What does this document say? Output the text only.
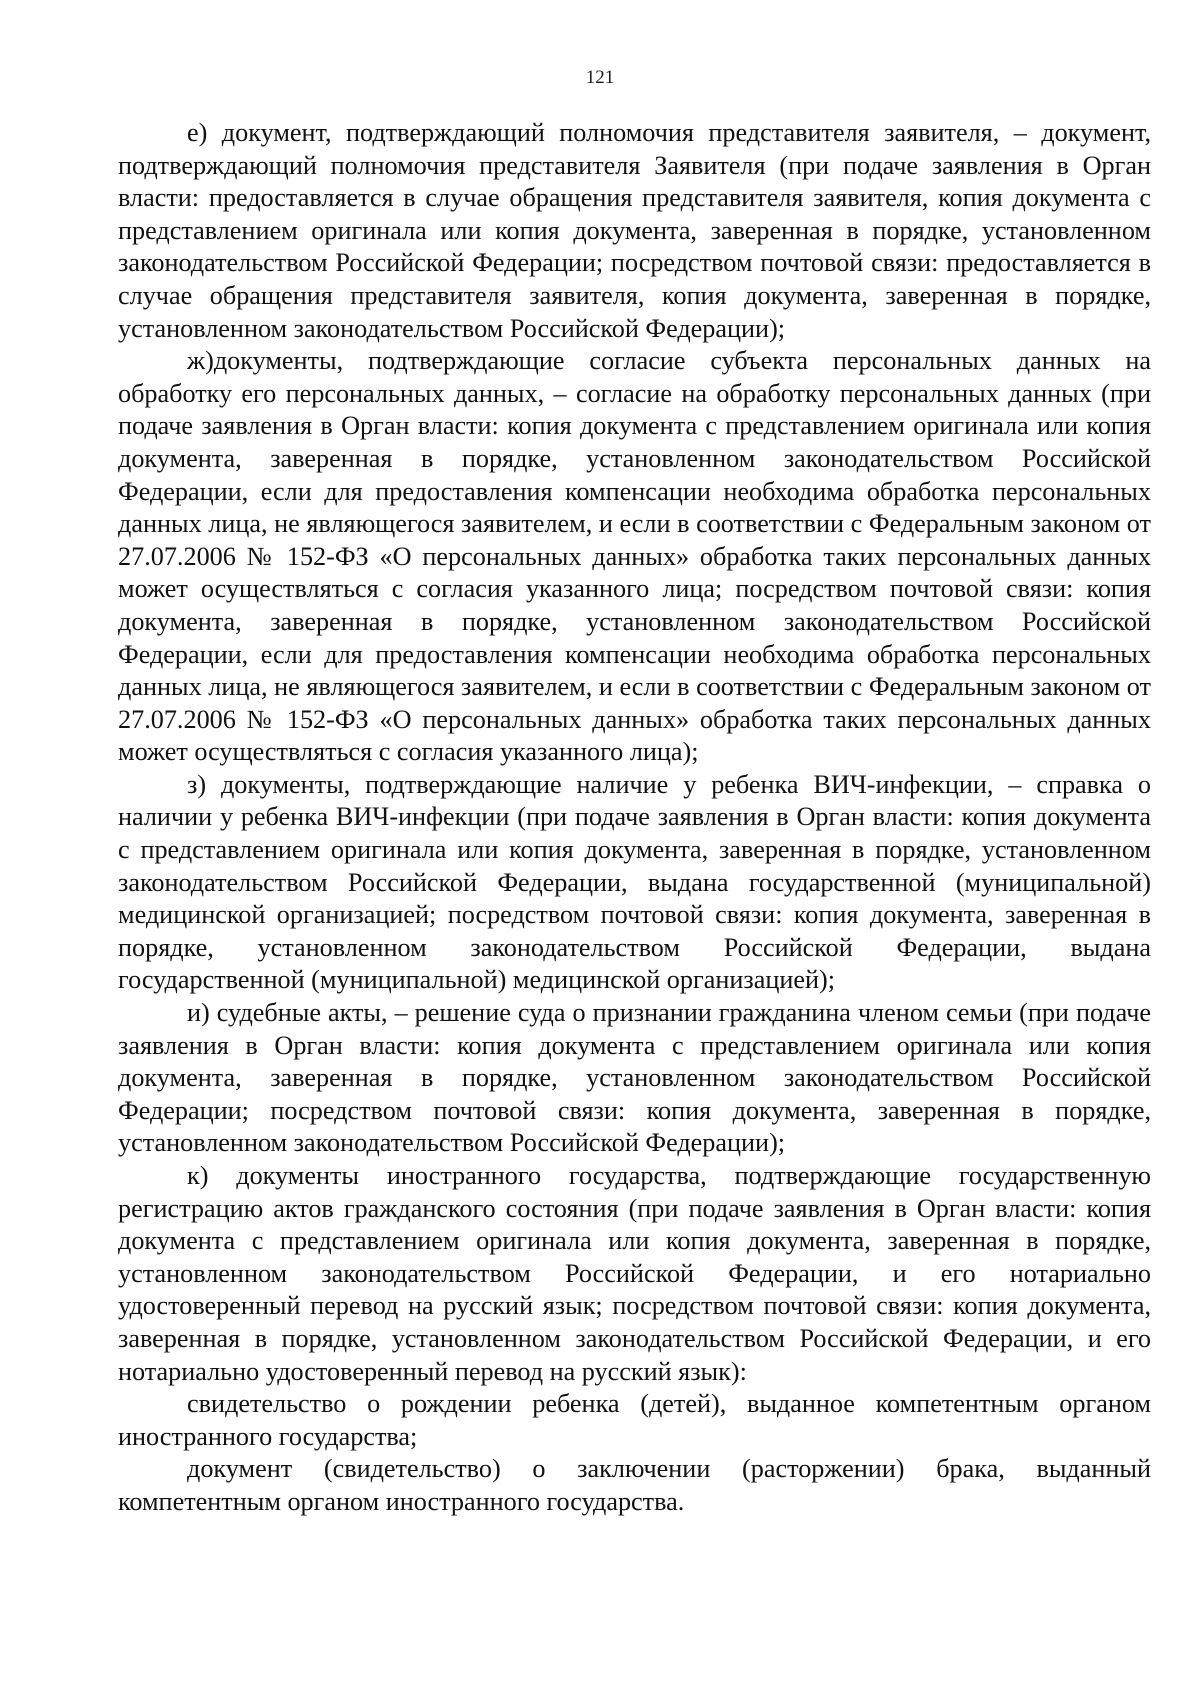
121

е) документ, подтверждающий полномочия представителя заявителя, – документ, подтверждающий полномочия представителя Заявителя (при подаче заявления в Орган власти: предоставляется в случае обращения представителя заявителя, копия документа с представлением оригинала или копия документа, заверенная в порядке, установленном законодательством Российской Федерации; посредством почтовой связи: предоставляется в случае обращения представителя заявителя, копия документа, заверенная в порядке, установленном законодательством Российской Федерации);

ж)документы, подтверждающие согласие субъекта персональных данных на обработку его персональных данных, – согласие на обработку персональных данных (при подаче заявления в Орган власти: копия документа с представлением оригинала или копия документа, заверенная в порядке, установленном законодательством Российской Федерации, если для предоставления компенсации необходима обработка персональных данных лица, не являющегося заявителем, и если в соответствии с Федеральным законом от 27.07.2006 № 152-ФЗ «О персональных данных» обработка таких персональных данных может осуществляться с согласия указанного лица; посредством почтовой связи: копия документа, заверенная в порядке, установленном законодательством Российской Федерации, если для предоставления компенсации необходима обработка персональных данных лица, не являющегося заявителем, и если в соответствии с Федеральным законом от 27.07.2006 № 152-ФЗ «О персональных данных» обработка таких персональных данных может осуществляться с согласия указанного лица);

з) документы, подтверждающие наличие у ребенка ВИЧ-инфекции, – справка о наличии у ребенка ВИЧ-инфекции (при подаче заявления в Орган власти: копия документа с представлением оригинала или копия документа, заверенная в порядке, установленном законодательством Российской Федерации, выдана государственной (муниципальной) медицинской организацией; посредством почтовой связи: копия документа, заверенная в порядке, установленном законодательством Российской Федерации, выдана государственной (муниципальной) медицинской организацией);

и) судебные акты, – решение суда о признании гражданина членом семьи (при подаче заявления в Орган власти: копия документа с представлением оригинала или копия документа, заверенная в порядке, установленном законодательством Российской Федерации; посредством почтовой связи: копия документа, заверенная в порядке, установленном законодательством Российской Федерации);

к) документы иностранного государства, подтверждающие государственную регистрацию актов гражданского состояния (при подаче заявления в Орган власти: копия документа с представлением оригинала или копия документа, заверенная в порядке, установленном законодательством Российской Федерации, и его нотариально удостоверенный перевод на русский язык; посредством почтовой связи: копия документа, заверенная в порядке, установленном законодательством Российской Федерации, и его нотариально удостоверенный перевод на русский язык):

свидетельство о рождении ребенка (детей), выданное компетентным органом иностранного государства;

документ (свидетельство) о заключении (расторжении) брака, выданный компетентным органом иностранного государства.
